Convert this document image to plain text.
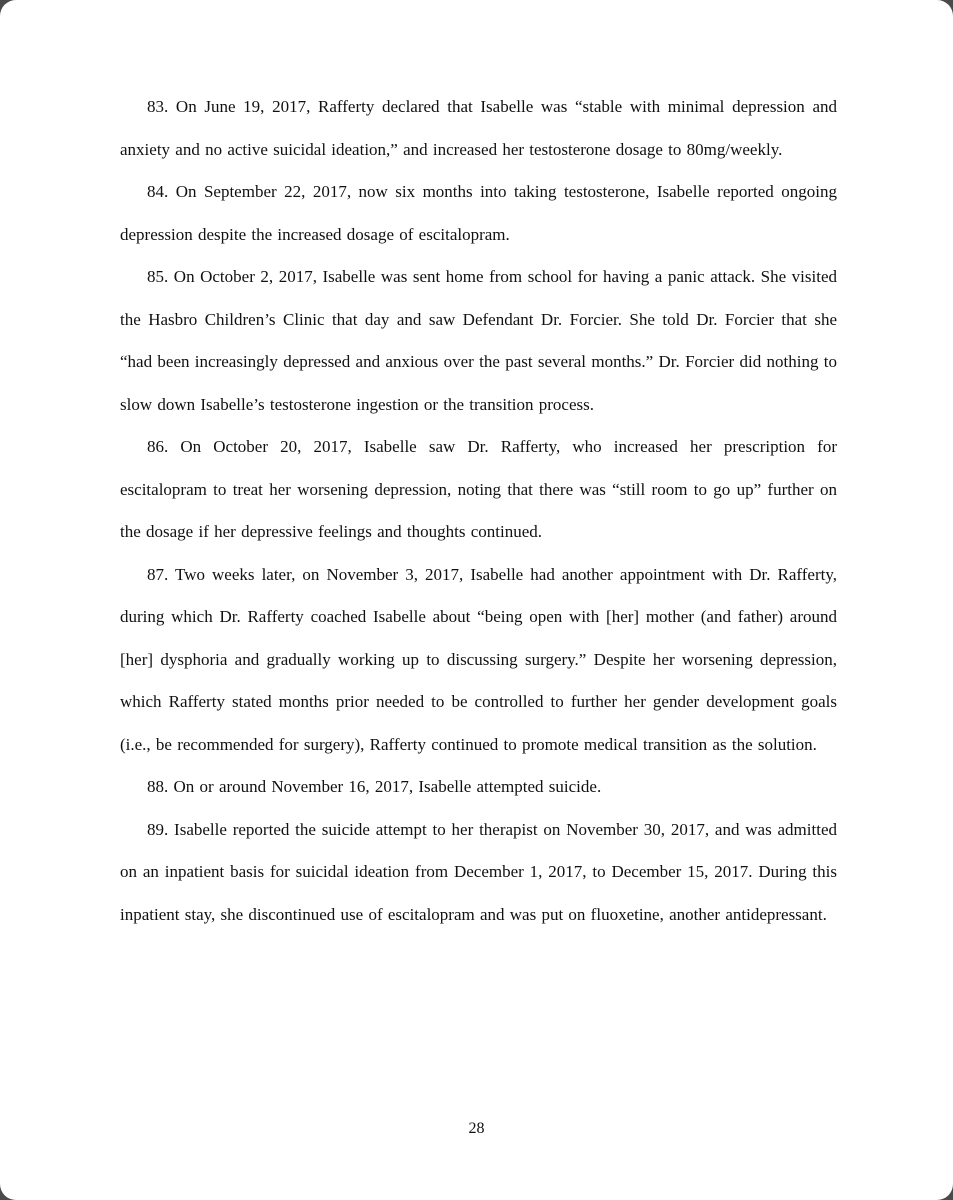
83. On June 19, 2017, Rafferty declared that Isabelle was “stable with minimal depression and anxiety and no active suicidal ideation,” and increased her testosterone dosage to 80mg/weekly.

84. On September 22, 2017, now six months into taking testosterone, Isabelle reported ongoing depression despite the increased dosage of escitalopram.

85. On October 2, 2017, Isabelle was sent home from school for having a panic attack. She visited the Hasbro Children’s Clinic that day and saw Defendant Dr. Forcier. She told Dr. Forcier that she “had been increasingly depressed and anxious over the past several months.” Dr. Forcier did nothing to slow down Isabelle’s testosterone ingestion or the transition process.

86. On October 20, 2017, Isabelle saw Dr. Rafferty, who increased her prescription for escitalopram to treat her worsening depression, noting that there was “still room to go up” further on the dosage if her depressive feelings and thoughts continued.

87. Two weeks later, on November 3, 2017, Isabelle had another appointment with Dr. Rafferty, during which Dr. Rafferty coached Isabelle about “being open with [her] mother (and father) around [her] dysphoria and gradually working up to discussing surgery.” Despite her worsening depression, which Rafferty stated months prior needed to be controlled to further her gender development goals (i.e., be recommended for surgery), Rafferty continued to promote medical transition as the solution.

88. On or around November 16, 2017, Isabelle attempted suicide.

89. Isabelle reported the suicide attempt to her therapist on November 30, 2017, and was admitted on an inpatient basis for suicidal ideation from December 1, 2017, to December 15, 2017. During this inpatient stay, she discontinued use of escitalopram and was put on fluoxetine, another antidepressant.

28
